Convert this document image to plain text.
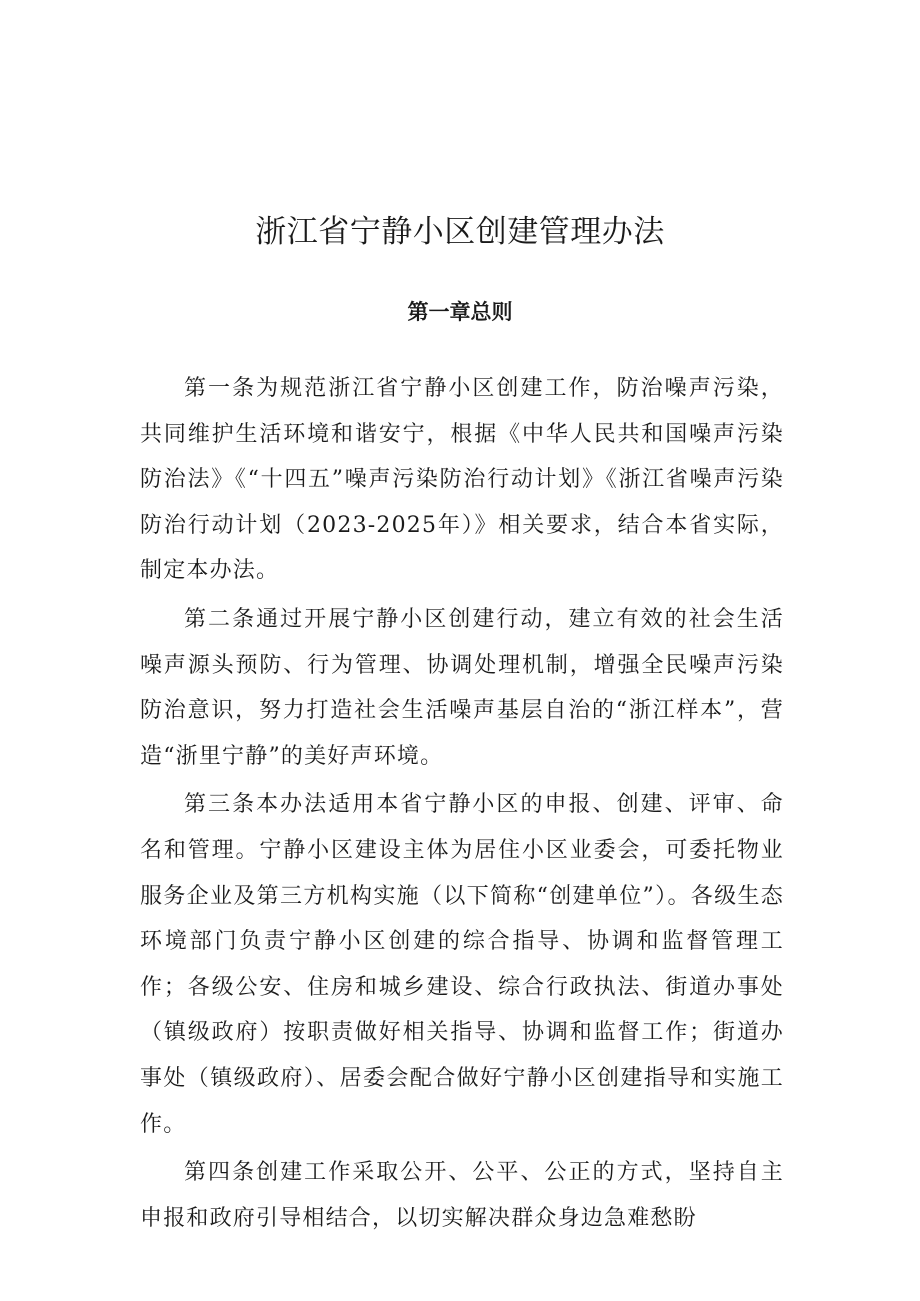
浙江省宁静小区创建管理办法
第一章总则

第一条为规范浙江省宁静小区创建工作，防治噪声污染，共同维护生活环境和谐安宁，根据《中华人民共和国噪声污染防治法》《“十四五”噪声污染防治行动计划》《浙江省噪声污染防治行动计划（2023-2025年）》相关要求，结合本省实际，制定本办法。

第二条通过开展宁静小区创建行动，建立有效的社会生活噪声源头预防、行为管理、协调处理机制，增强全民噪声污染防治意识，努力打造社会生活噪声基层自治的“浙江样本”，营造“浙里宁静”的美好声环境。

第三条本办法适用本省宁静小区的申报、创建、评审、命名和管理。宁静小区建设主体为居住小区业委会，可委托物业服务企业及第三方机构实施（以下简称“创建单位”）。各级生态环境部门负责宁静小区创建的综合指导、协调和监督管理工作；各级公安、住房和城乡建设、综合行政执法、街道办事处（镇级政府）按职责做好相关指导、协调和监督工作；街道办事处（镇级政府）、居委会配合做好宁静小区创建指导和实施工作。

第四条创建工作采取公开、公平、公正的方式，坚持自主申报和政府引导相结合，以切实解决群众身边急难愁盼
